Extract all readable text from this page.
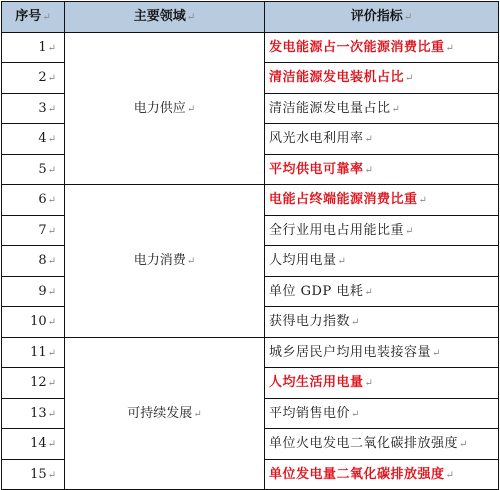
序号↵	主要领域↵	评价指标↵
1↵	电力供应↵	发电能源占一次能源消费比重↵
2↵		清洁能源发电装机占比↵
3↵		清洁能源发电量占比↵
4↵		风光水电利用率↵
5↵		平均供电可靠率↵
6↵	电力消费↵	电能占终端能源消费比重↵
7↵		全行业用电占用能比重↵
8↵		人均用电量↵
9↵		单位 GDP 电耗↵
10↵		获得电力指数↵
11↵	可持续发展↵	城乡居民户均用电装接容量↵
12↵		人均生活用电量↵
13↵		平均销售电价↵
14↵		单位火电发电二氧化碳排放强度↵
15↵		单位发电量二氧化碳排放强度↵
